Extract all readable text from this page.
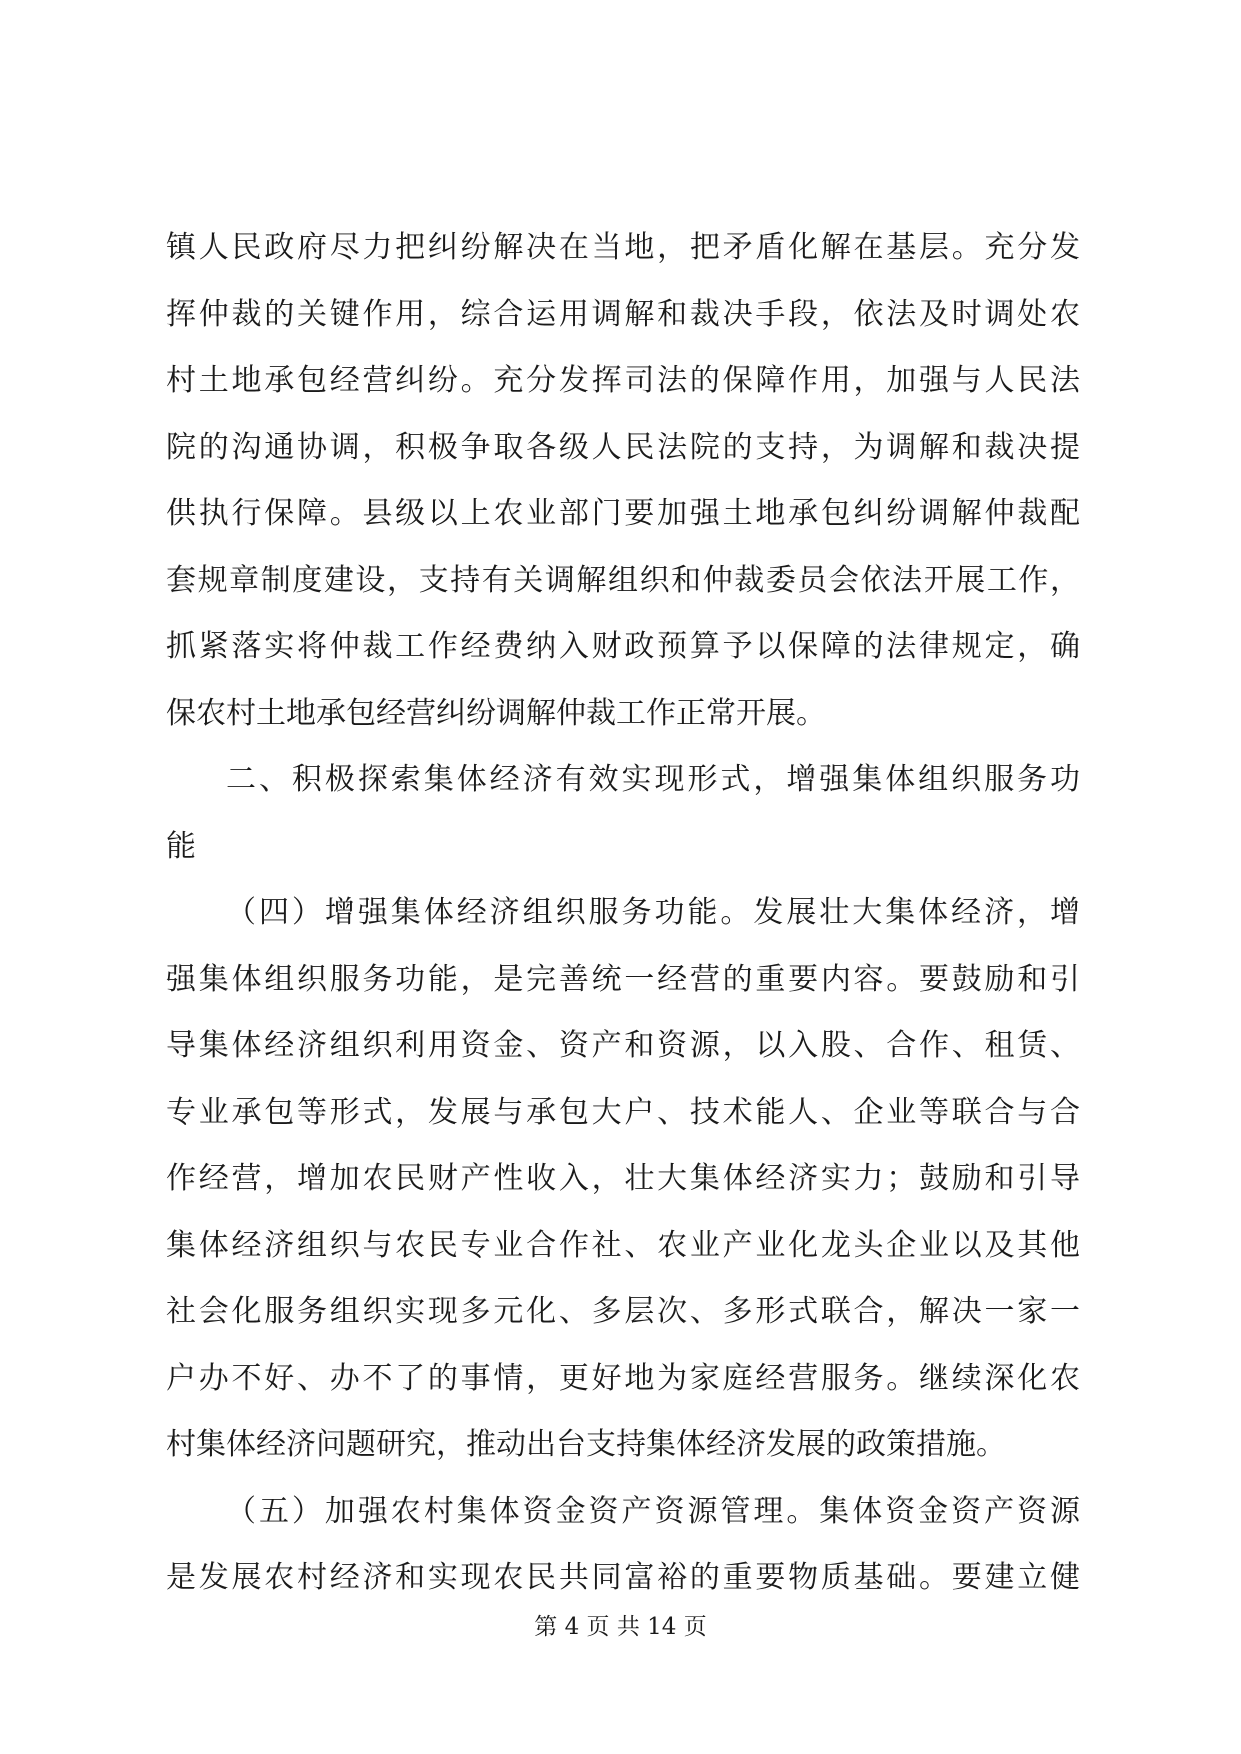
镇人民政府尽力把纠纷解决在当地，把矛盾化解在基层。充分发
挥仲裁的关键作用，综合运用调解和裁决手段，依法及时调处农
村土地承包经营纠纷。充分发挥司法的保障作用，加强与人民法
院的沟通协调，积极争取各级人民法院的支持，为调解和裁决提
供执行保障。县级以上农业部门要加强土地承包纠纷调解仲裁配
套规章制度建设，支持有关调解组织和仲裁委员会依法开展工作，
抓紧落实将仲裁工作经费纳入财政预算予以保障的法律规定，确
保农村土地承包经营纠纷调解仲裁工作正常开展。
二、积极探索集体经济有效实现形式，增强集体组织服务功
能
（四）增强集体经济组织服务功能。发展壮大集体经济，增
强集体组织服务功能，是完善统一经营的重要内容。要鼓励和引
导集体经济组织利用资金、资产和资源，以入股、合作、租赁、
专业承包等形式，发展与承包大户、技术能人、企业等联合与合
作经营，增加农民财产性收入，壮大集体经济实力；鼓励和引导
集体经济组织与农民专业合作社、农业产业化龙头企业以及其他
社会化服务组织实现多元化、多层次、多形式联合，解决一家一
户办不好、办不了的事情，更好地为家庭经营服务。继续深化农
村集体经济问题研究，推动出台支持集体经济发展的政策措施。
（五）加强农村集体资金资产资源管理。集体资金资产资源
是发展农村经济和实现农民共同富裕的重要物质基础。要建立健
第 4 页 共 14 页
